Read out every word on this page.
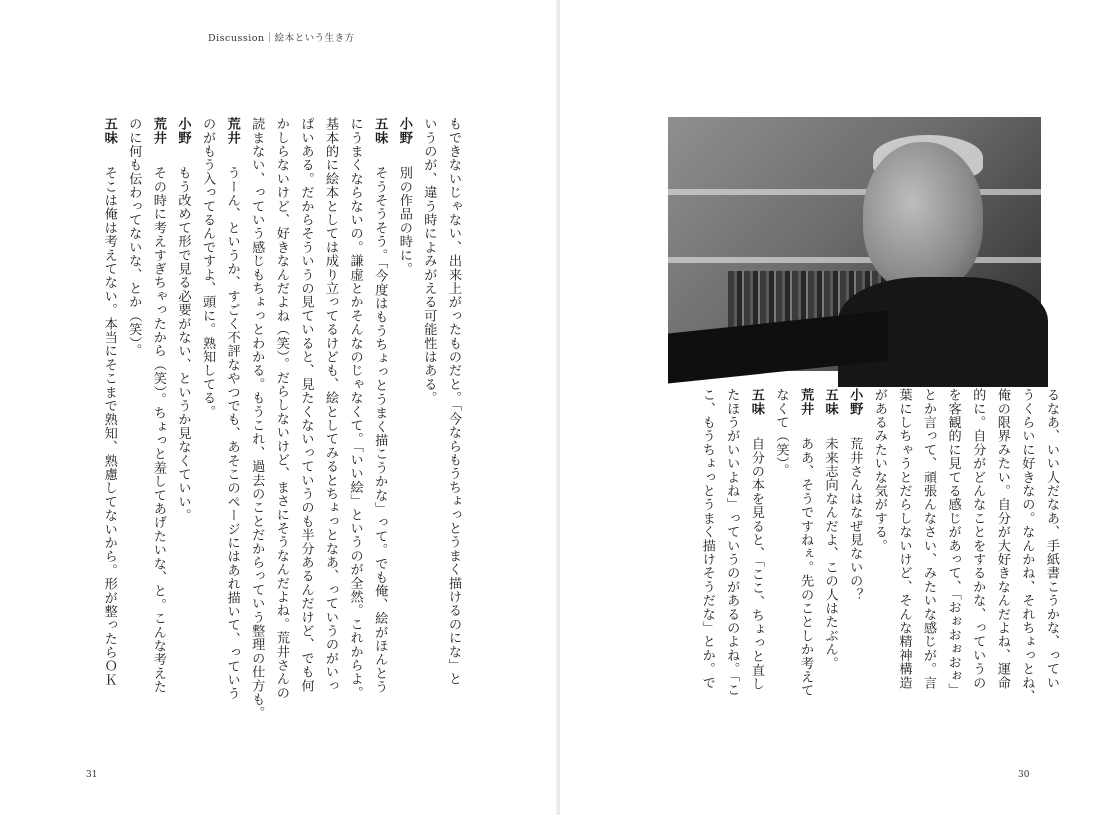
Discussion｜絵本という生き方
もできないじゃない、出来上がったものだと。「今ならもうちょっとうまく描けるのにな」と
いうのが、違う時によみがえる可能性はある。
小野　別の作品の時に。
五味　そうそうそう。「今度はもうちょっとうまく描こうかな」って。でも俺、絵がほんとう
にうまくならないの。謙虚とかそんなのじゃなくて。「いい絵」というのが全然。これからよ。
基本的に絵本としては成り立ってるけども、絵としてみるとちょっとなあ、っていうのがいっ
ぱいある。だからそういうの見ていると、見たくないっていうのも半分あるんだけど、でも何
かしらないけど、好きなんだよね（笑）。だらしないけど、まさにそうなんだよね。荒井さんの
読まない、っていう感じもちょっとわかる。もうこれ、過去のことだからっていう整理の仕方も。
荒井　うーん、というか、すごく不評なやつでも、あそこのページにはあれ描いて、っていう
のがもう入ってるんですよ、頭に。熟知してる。
小野　もう改めて形で見る必要がない、というか見なくていい。
荒井　その時に考えすぎちゃったから（笑）。ちょっと羞してあげたいな、と。こんな考えた
のに何も伝わってないな、とか（笑）。
五味　そこは俺は考えてない。本当にそこまで熟知、熟慮してないから。形が整ったらＯＫ
31
るなあ、いい人だなあ、手紙書こうかな、ってい
うくらいに好きなの。なんかね、それちょっとね、
俺の限界みたい。自分が大好きなんだよね、運命
的に。自分がどんなことをするかな、っていうの
を客観的に見てる感じがあって、「おぉおぉおぉ」
とか言って、頑張んなさい、みたいな感じが。言
葉にしちゃうとだらしないけど、そんな精神構造
があるみたいな気がする。
小野　荒井さんはなぜ見ないの？
五味　未来志向なんだよ、この人はたぶん。
荒井　ああ、そうですねぇ。先のことしか考えて
なくて（笑）。
五味　自分の本を見ると、「ここ、ちょっと直し
たほうがいいよね」っていうのがあるのよね。「こ
こ、もうちょっとうまく描けそうだな」とか。で
30
